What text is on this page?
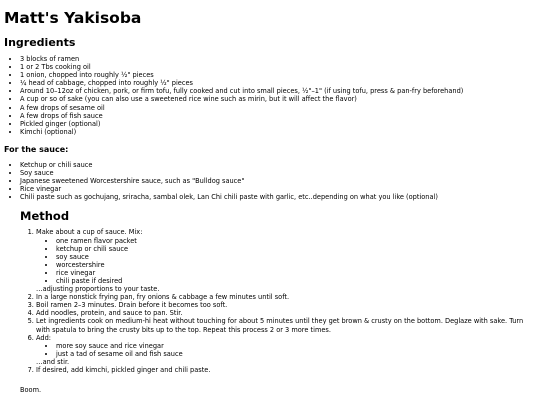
Matt's Yakisoba
Ingredients
• 3 blocks of ramen
• 1 or 2 Tbs cooking oil
• 1 onion, chopped into roughly ½" pieces
• ¼ head of cabbage, chopped into roughly ½" pieces
• Around 10–12oz of chicken, pork, or firm tofu, fully cooked and cut into small pieces, ½"–1" (if using tofu, press & pan-fry beforehand)
• A cup or so of sake (you can also use a sweetened rice wine such as mirin, but it will affect the flavor)
• A few drops of sesame oil
• A few drops of fish sauce
• Pickled ginger (optional)
• Kimchi (optional)
For the sauce:
• Ketchup or chili sauce
• Soy sauce
• Japanese sweetened Worcestershire sauce, such as "Bulldog sauce"
• Rice vinegar
• Chili paste such as gochujang, sriracha, sambal olek, Lan Chi chili paste with garlic, etc..depending on what you like (optional)
Method
1. Make about a cup of sauce. Mix:
• one ramen flavor packet
• ketchup or chili sauce
• soy sauce
• worcestershire
• rice vinegar
• chili paste if desired
…adjusting proportions to your taste.
2. In a large nonstick frying pan, fry onions & cabbage a few minutes until soft.
3. Boil ramen 2–3 minutes. Drain before it becomes too soft.
4. Add noodles, protein, and sauce to pan. Stir.
5. Let ingredients cook on medium-hi heat without touching for about 5 minutes until they get brown & crusty on the bottom. Deglaze with sake. Turn with spatula to bring the crusty bits up to the top. Repeat this process 2 or 3 more times.
6. Add:
• more soy sauce and rice vinegar
• just a tad of sesame oil and fish sauce
…and stir.
7. If desired, add kimchi, pickled ginger and chili paste.

Boom.
